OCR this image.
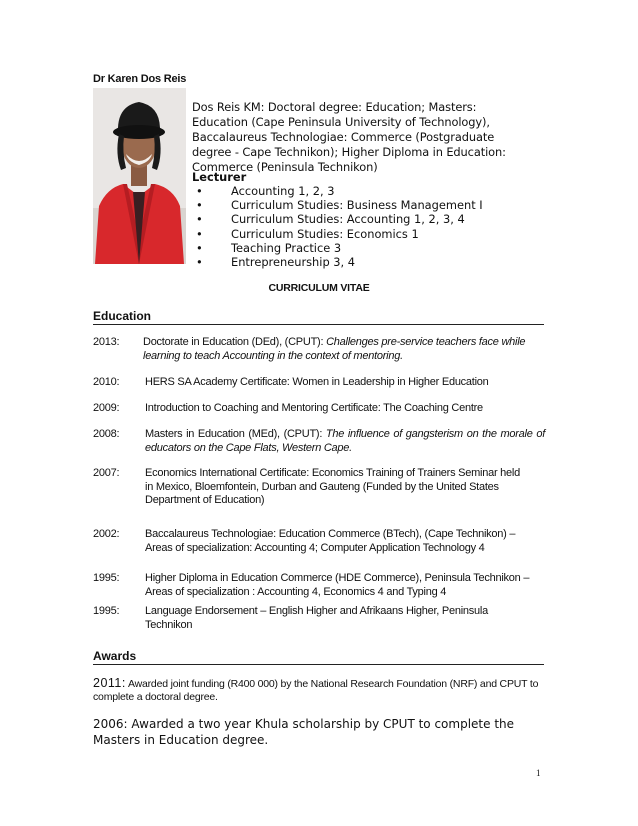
Dr Karen Dos Reis
Dos Reis KM: Doctoral degree: Education; Masters: Education (Cape Peninsula University of Technology), Baccalaureus Technologiae: Commerce (Postgraduate degree - Cape Technikon); Higher Diploma in Education: Commerce (Peninsula Technikon)
Lecturer
• Accounting 1, 2, 3
• Curriculum Studies: Business Management I
• Curriculum Studies: Accounting 1, 2, 3, 4
• Curriculum Studies: Economics 1
• Teaching Practice 3
• Entrepreneurship 3, 4
CURRICULUM VITAE
Education
2013: Doctorate in Education (DEd), (CPUT): Challenges pre-service teachers face while learning to teach Accounting in the context of mentoring.
2010: HERS SA Academy Certificate: Women in Leadership in Higher Education
2009: Introduction to Coaching and Mentoring Certificate: The Coaching Centre
2008: Masters in Education (MEd), (CPUT): The influence of gangsterism on the morale of educators on the Cape Flats, Western Cape.
2007: Economics International Certificate: Economics Training of Trainers Seminar held in Mexico, Bloemfontein, Durban and Gauteng (Funded by the United States Department of Education)
2002: Baccalaureus Technologiae: Education Commerce (BTech), (Cape Technikon) – Areas of specialization: Accounting 4; Computer Application Technology 4
1995: Higher Diploma in Education Commerce (HDE Commerce), Peninsula Technikon – Areas of specialization : Accounting 4, Economics 4 and Typing 4
1995: Language Endorsement – English Higher and Afrikaans Higher, Peninsula Technikon
Awards
2011: Awarded joint funding (R400 000) by the National Research Foundation (NRF) and CPUT to complete a doctoral degree.
2006: Awarded a two year Khula scholarship by CPUT to complete the Masters in Education degree.
1
